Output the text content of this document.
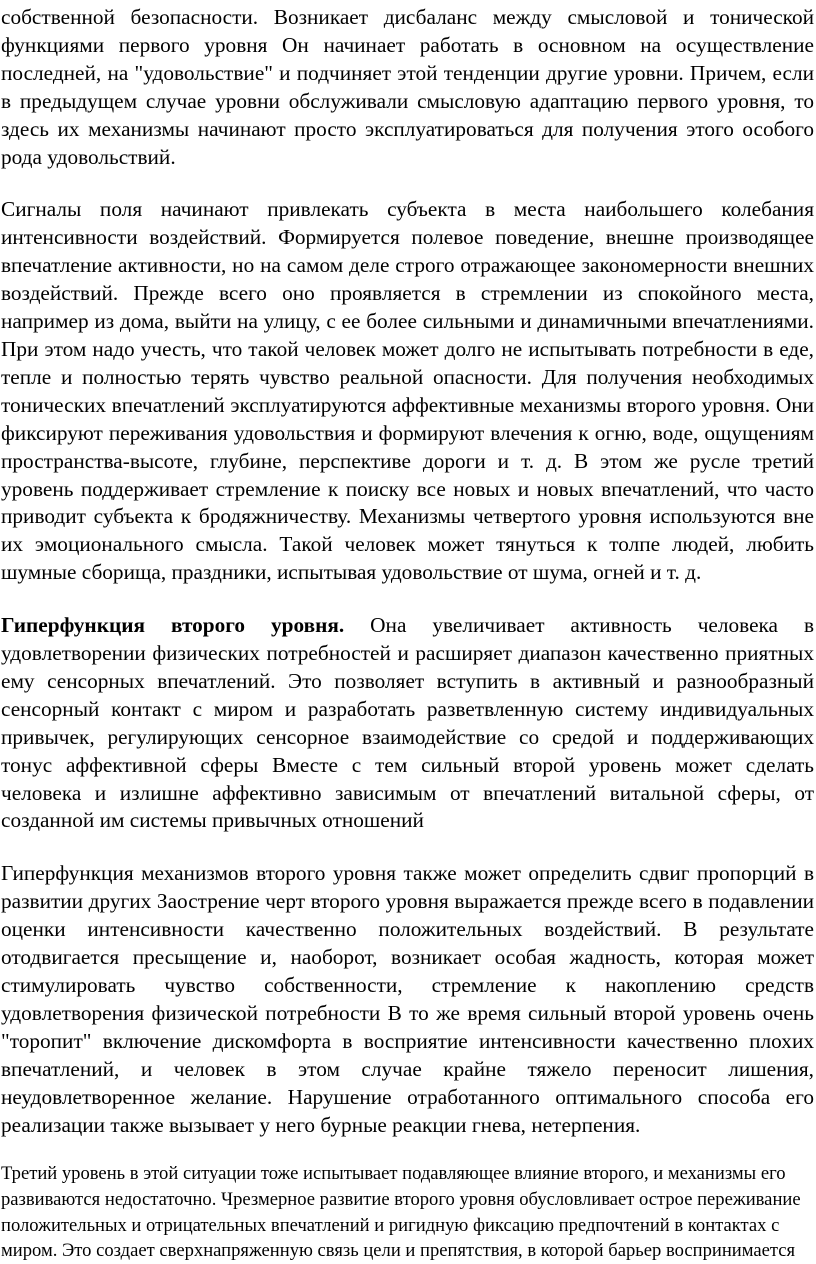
собственной безопасности. Возникает дисбаланс между смысловой и тонической функциями первого уровня Он начинает работать в основном на осуществление последней, на "удовольствие" и подчиняет этой тенденции другие уровни. Причем, если в предыдущем случае уровни обслуживали смысловую адаптацию первого уровня, то здесь их механизмы начинают просто эксплуатироваться для получения этого особого рода удовольствий.

Сигналы поля начинают привлекать субъекта в места наибольшего колебания интенсивности воздействий. Формируется полевое поведение, внешне производящее впечатление активности, но на самом деле строго отражающее закономерности внешних воздействий. Прежде всего оно проявляется в стремлении из спокойного места, например из дома, выйти на улицу, с ее более сильными и динамичными впечатлениями. При этом надо учесть, что такой человек может долго не испытывать потребности в еде, тепле и полностью терять чувство реальной опасности. Для получения необходимых тонических впечатлений эксплуатируются аффективные механизмы второго уровня. Они фиксируют переживания удовольствия и формируют влечения к огню, воде, ощущениям пространства-высоте, глубине, перспективе дороги и т. д. В этом же русле третий уровень поддерживает стремление к поиску все новых и новых впечатлений, что часто приводит субъекта к бродяжничеству. Механизмы четвертого уровня используются вне их эмоционального смысла. Такой человек может тянуться к толпе людей, любить шумные сборища, праздники, испытывая удовольствие от шума, огней и т. д.

Гиперфункция второго уровня. Она увеличивает активность человека в удовлетворении физических потребностей и расширяет диапазон качественно приятных ему сенсорных впечатлений. Это позволяет вступить в активный и разнообразный сенсорный контакт с миром и разработать разветвленную систему индивидуальных привычек, регулирующих сенсорное взаимодействие со средой и поддерживающих тонус аффективной сферы Вместе с тем сильный второй уровень может сделать человека и излишне аффективно зависимым от впечатлений витальной сферы, от созданной им системы привычных отношений

Гиперфункция механизмов второго уровня также может определить сдвиг пропорций в развитии других Заострение черт второго уровня выражается прежде всего в подавлении оценки интенсивности качественно положительных воздействий. В результате отодвигается пресыщение и, наоборот, возникает особая жадность, которая может стимулировать чувство собственности, стремление к накоплению средств удовлетворения физической потребности В то же время сильный второй уровень очень "торопит" включение дискомфорта в восприятие интенсивности качественно плохих впечатлений, и человек в этом случае крайне тяжело переносит лишения, неудовлетворенное желание. Нарушение отработанного оптимального способа его реализации также вызывает у него бурные реакции гнева, нетерпения.

Третий уровень в этой ситуации тоже испытывает подавляющее влияние второго, и механизмы его развиваются недостаточно. Чрезмерное развитие второго уровня обусловливает острое переживание положительных и отрицательных впечатлений и ригидную фиксацию предпочтений в контактах с миром. Это создает сверхнапряженную связь цели и препятствия, в которой барьер воспринимается
